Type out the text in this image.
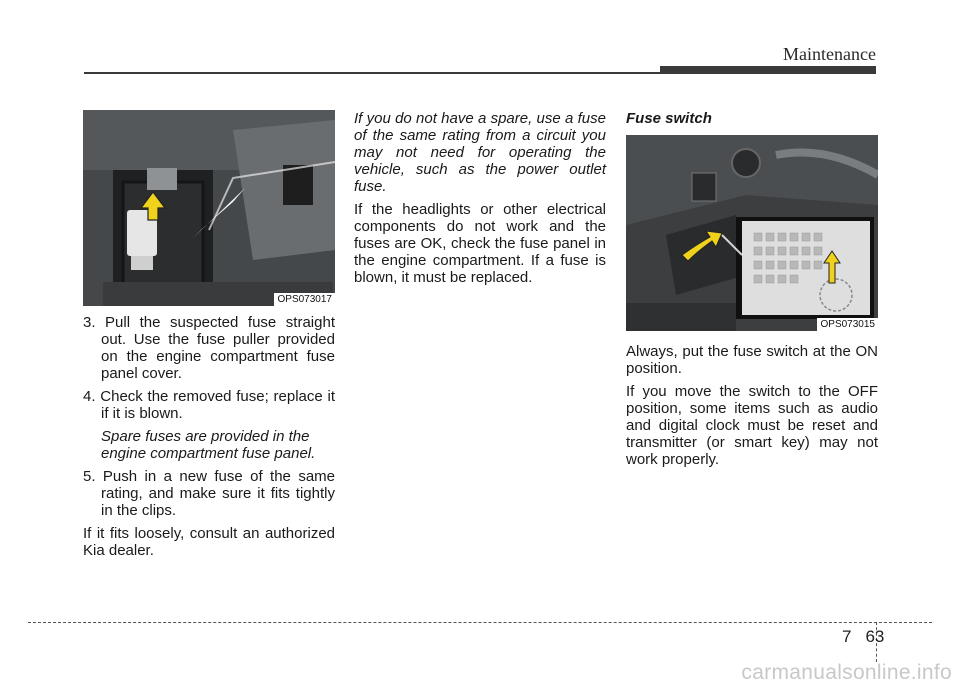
Maintenance
OPS073017
3. Pull the suspected fuse straight out. Use the fuse puller provided on the engine compartment fuse panel cover.
4. Check the removed fuse; replace it if it is blown.
Spare fuses are provided in the engine compartment fuse panel.
5. Push in a new fuse of the same rating, and make sure it fits tightly in the clips.

If it fits loosely, consult an authorized Kia dealer.

If you do not have a spare, use a fuse of the same rating from a circuit you may not need for operating the vehicle, such as the power outlet fuse.

If the headlights or other electrical components do not work and the fuses are OK, check the fuse panel in the engine compartment. If a fuse is blown, it must be replaced.

Fuse switch
OPS073015

Always, put the fuse switch at the ON position.

If you move the switch to the OFF position, some items such as audio and digital clock must be reset and transmitter (or smart key) may not work properly.

7 63
carmanualsonline.info
